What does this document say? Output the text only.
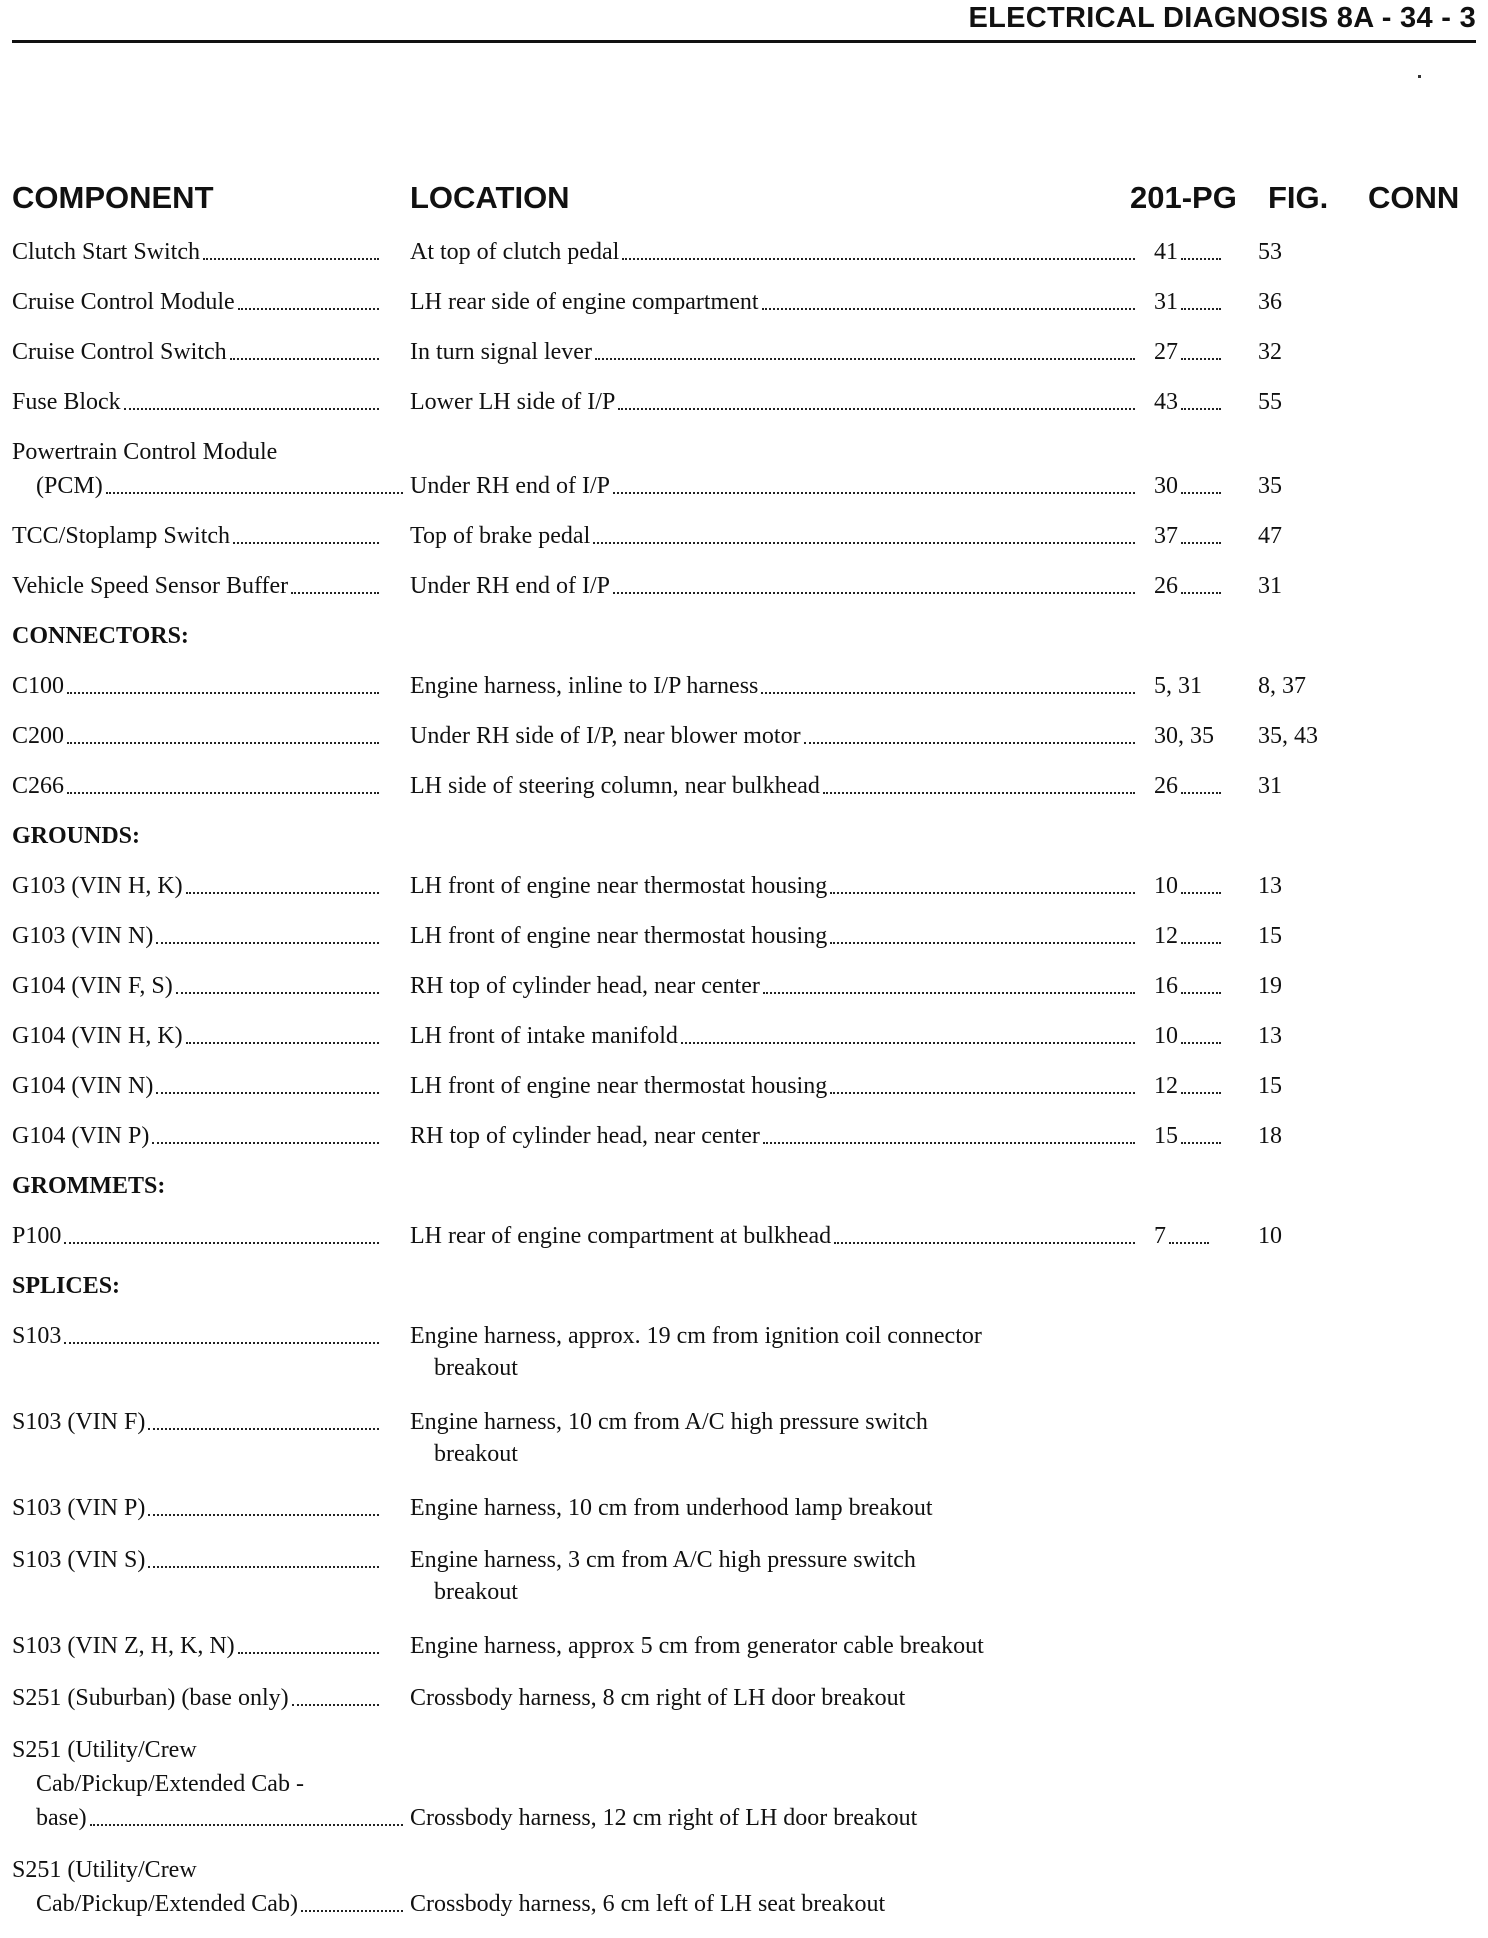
ELECTRICAL DIAGNOSIS 8A - 34 - 3
COMPONENT	LOCATION	201-PG FIG. CONN
Clutch Start Switch	At top of clutch pedal	41	53
Cruise Control Module	LH rear side of engine compartment	31	36
Cruise Control Switch	In turn signal lever	27	32
Fuse Block	Lower LH side of I/P	43	55
Powertrain Control Module
(PCM)	Under RH end of I/P	30	35
TCC/Stoplamp Switch	Top of brake pedal	37	47
Vehicle Speed Sensor Buffer	Under RH end of I/P	26	31
CONNECTORS:
C100	Engine harness, inline to I/P harness	5, 31	8, 37
C200	Under RH side of I/P, near blower motor	30, 35	35, 43
C266	LH side of steering column, near bulkhead	26	31
GROUNDS:
G103 (VIN H, K)	LH front of engine near thermostat housing	10	13
G103 (VIN N)	LH front of engine near thermostat housing	12	15
G104 (VIN F, S)	RH top of cylinder head, near center	16	19
G104 (VIN H, K)	LH front of intake manifold	10	13
G104 (VIN N)	LH front of engine near thermostat housing	12	15
G104 (VIN P)	RH top of cylinder head, near center	15	18
GROMMETS:
P100	LH rear of engine compartment at bulkhead	7	10
SPLICES:
S103	Engine harness, approx. 19 cm from ignition coil connector
breakout
S103 (VIN F)	Engine harness, 10 cm from A/C high pressure switch
breakout
S103 (VIN P)	Engine harness, 10 cm from underhood lamp breakout
S103 (VIN S)	Engine harness, 3 cm from A/C high pressure switch
breakout
S103 (VIN Z, H, K, N)	Engine harness, approx 5 cm from generator cable breakout
S251 (Suburban) (base only)	Crossbody harness, 8 cm right of LH door breakout
S251 (Utility/Crew
Cab/Pickup/Extended Cab -
base)	Crossbody harness, 12 cm right of LH door breakout
S251 (Utility/Crew
Cab/Pickup/Extended Cab)	Crossbody harness, 6 cm left of LH seat breakout
